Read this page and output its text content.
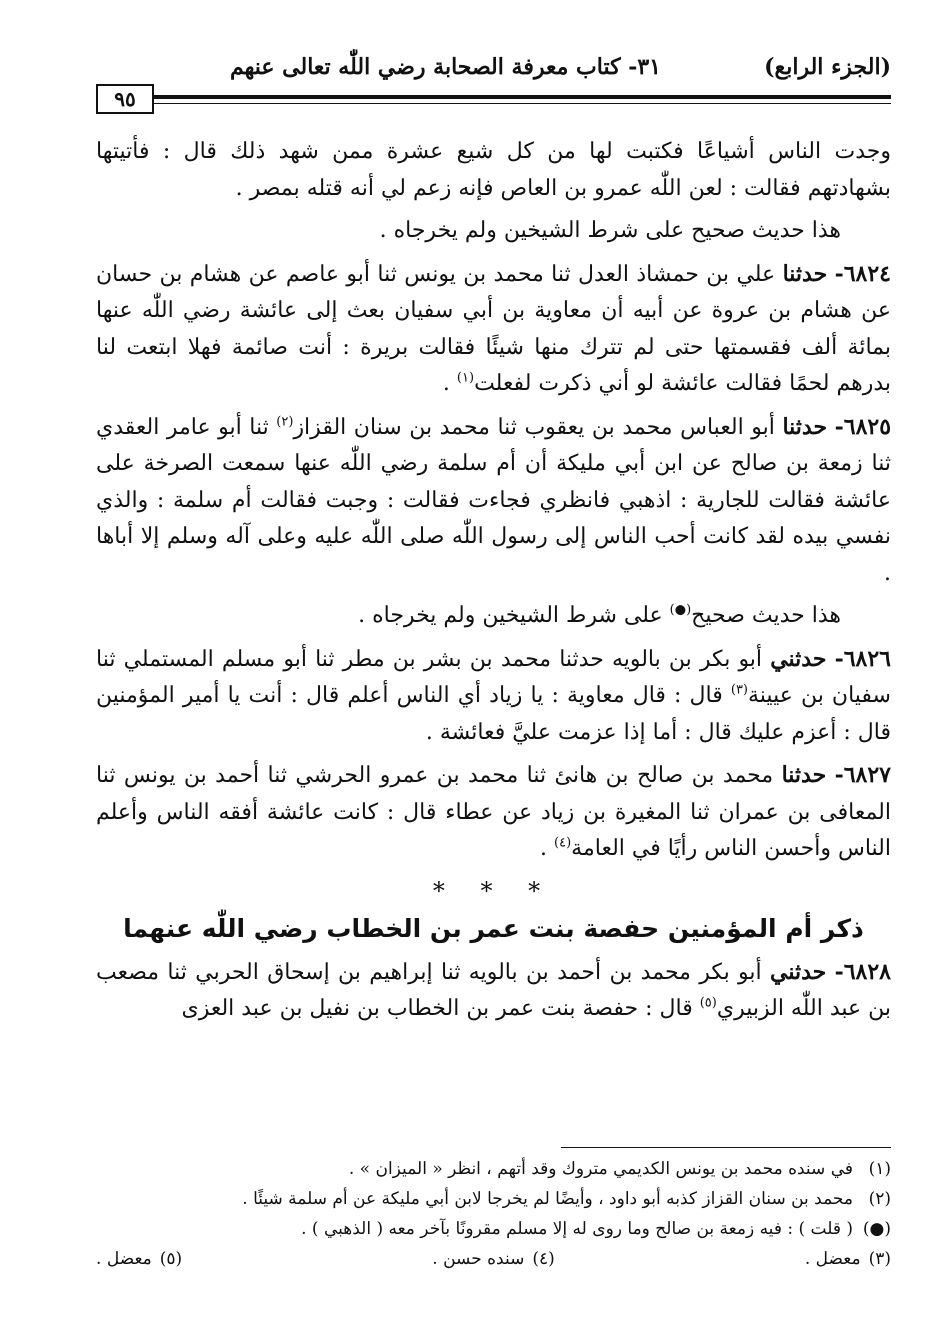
(الجزء الرابع)
٣١- كتاب معرفة الصحابة رضي اللّٰه تعالى عنهم
٩٥

وجدت الناس أشياعًا فكتبت لها من كل شيع عشرة ممن شهد ذلك قال : فأتيتها بشهادتهم فقالت : لعن اللّٰه عمرو بن العاص فإنه زعم لي أنه قتله بمصر .

هذا حديث صحيح على شرط الشيخين ولم يخرجاه .

٦٨٢٤- حدثنا علي بن حمشاذ العدل ثنا محمد بن يونس ثنا أبو عاصم عن هشام بن حسان عن هشام بن عروة عن أبيه أن معاوية بن أبي سفيان بعث إلى عائشة رضي اللّٰه عنها بمائة ألف فقسمتها حتى لم تترك منها شيئًا فقالت بريرة : أنت صائمة فهلا ابتعت لنا بدرهم لحمًا فقالت عائشة لو أني ذكرت لفعلت$^{(١)}$ .

٦٨٢٥- حدثنا أبو العباس محمد بن يعقوب ثنا محمد بن سنان القزاز$^{(٢)}$ ثنا أبو عامر العقدي ثنا زمعة بن صالح عن ابن أبي مليكة أن أم سلمة رضي اللّٰه عنها سمعت الصرخة على عائشة فقالت للجارية : اذهبي فانظري فجاءت فقالت : وجبت فقالت أم سلمة : والذي نفسي بيده لقد كانت أحب الناس إلى رسول اللّٰه صلى اللّٰه عليه وعلى آله وسلم إلا أباها .

هذا حديث صحيح(●) على شرط الشيخين ولم يخرجاه .

٦٨٢٦- حدثني أبو بكر بن بالويه حدثنا محمد بن بشر بن مطر ثنا أبو مسلم المستملي ثنا سفيان بن عيينة$^{(٣)}$ قال : قال معاوية : يا زياد أي الناس أعلم قال : أنت يا أمير المؤمنين قال : أعزم عليك قال : أما إذا عزمت عليَّ فعائشة .

٦٨٢٧- حدثنا محمد بن صالح بن هانئ ثنا محمد بن عمرو الحرشي ثنا أحمد بن يونس ثنا المعافى بن عمران ثنا المغيرة بن زياد عن عطاء قال : كانت عائشة أفقه الناس وأعلم الناس وأحسن الناس رأيًا في العامة$^{(٤)}$ .

* * *
ذكر أم المؤمنين حفصة بنت عمر بن الخطاب رضي اللّٰه عنهما

٦٨٢٨- حدثني أبو بكر محمد بن أحمد بن بالويه ثنا إبراهيم بن إسحاق الحربي ثنا مصعب بن عبد اللّٰه الزبيري$^{(٥)}$ قال : حفصة بنت عمر بن الخطاب بن نفيل بن عبد العزى

(١)
في سنده محمد بن يونس الكديمي متروك وقد أتهم ، انظر « الميزان » .
(٢)
محمد بن سنان القزاز كذبه أبو داود ، وأيضًا لم يخرجا لابن أبي مليكة عن أم سلمة شيئًا .
(●)
( قلت ) : فيه زمعة بن صالح وما روى له إلا مسلم مقرونًا بآخر معه ( الذهبي ) .
(٣)
معضل .
(٤)
سنده حسن .
(٥)
معضل .
